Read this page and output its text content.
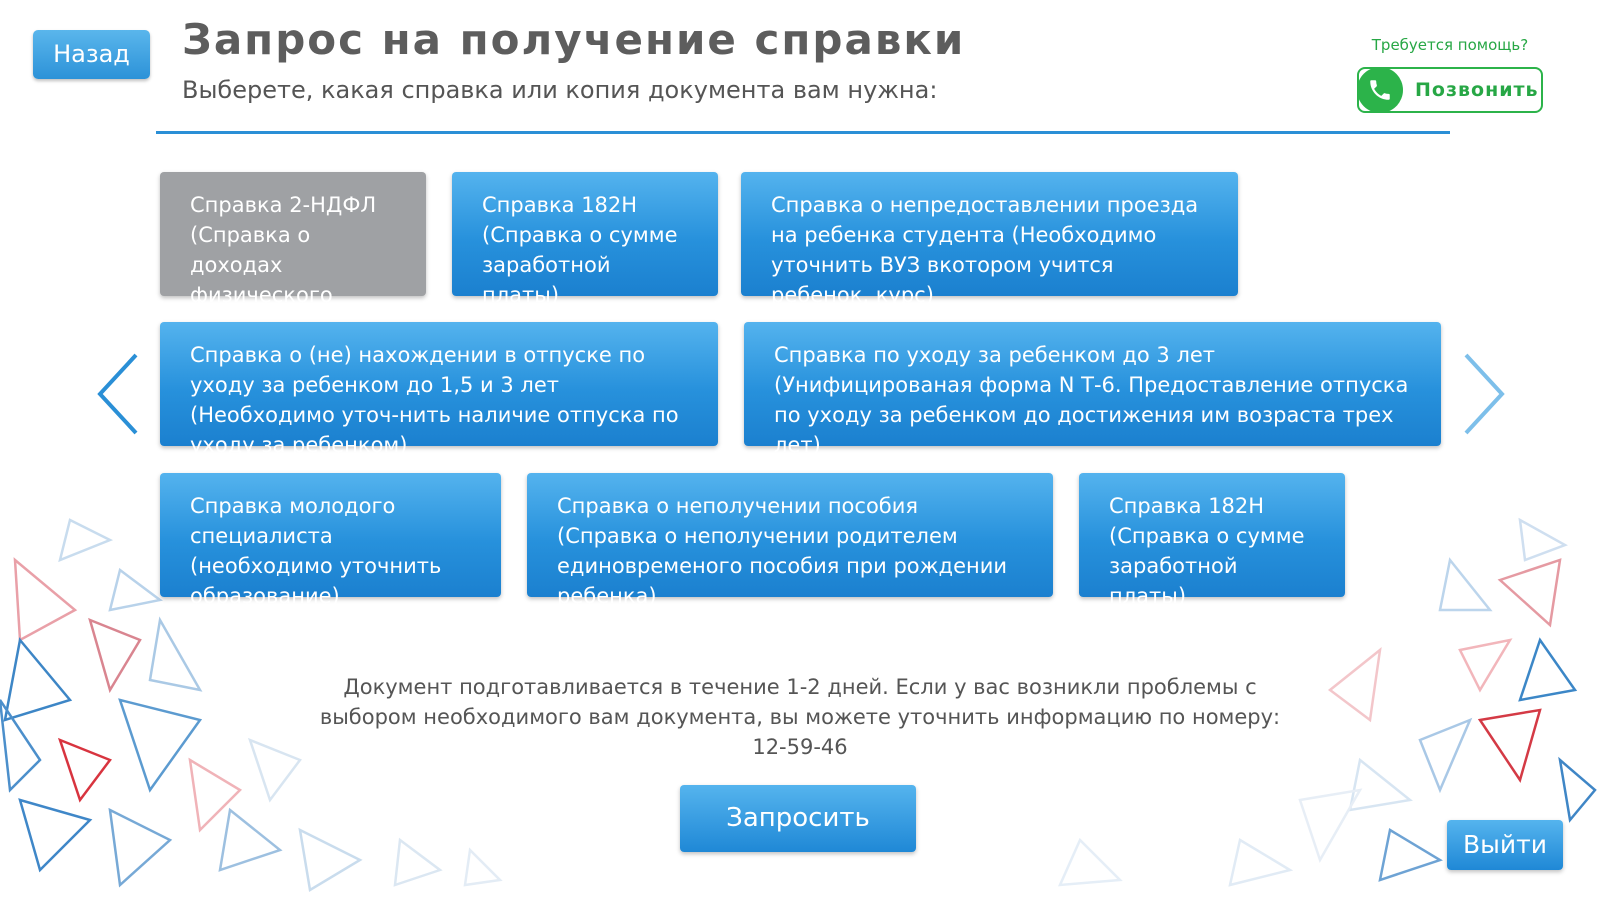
Назад	Запрос на получение справки
Выберете, какая справка или копия документа вам нужна:
Требуется помощь?
Позвонить
Справка 2-НДФЛ (Справка о доходах физического
Справка 182Н (Справка о сумме заработной платы)
Справка о непредоставлении проезда на ребенка студента (Необходимо уточнить ВУЗ вкотором учится ребенок, курс)
Справка о (не) нахождении в отпуске по уходу за ребенком до 1,5 и 3 лет (Необходимо уточ-нить наличие отпуска по уходу за ребенком)
Справка по уходу за ребенком до 3 лет (Унифицированая форма N Т-6. Предоставление отпуска по уходу за ребенком до достижения им возраста трех лет)
Справка молодого специалиста (необходимо уточнить образование)
Справка о неполучении пособия (Справка о неполучении родителем единовременого пособия при рождении ребенка)
Справка 182Н (Справка о сумме заработной платы)
Документ подготавливается в течение 1-2 дней. Если у вас возникли проблемы с выбором необходимого вам документа, вы можете уточнить информацию по номеру: 12-59-46
Запросить
Выйти
